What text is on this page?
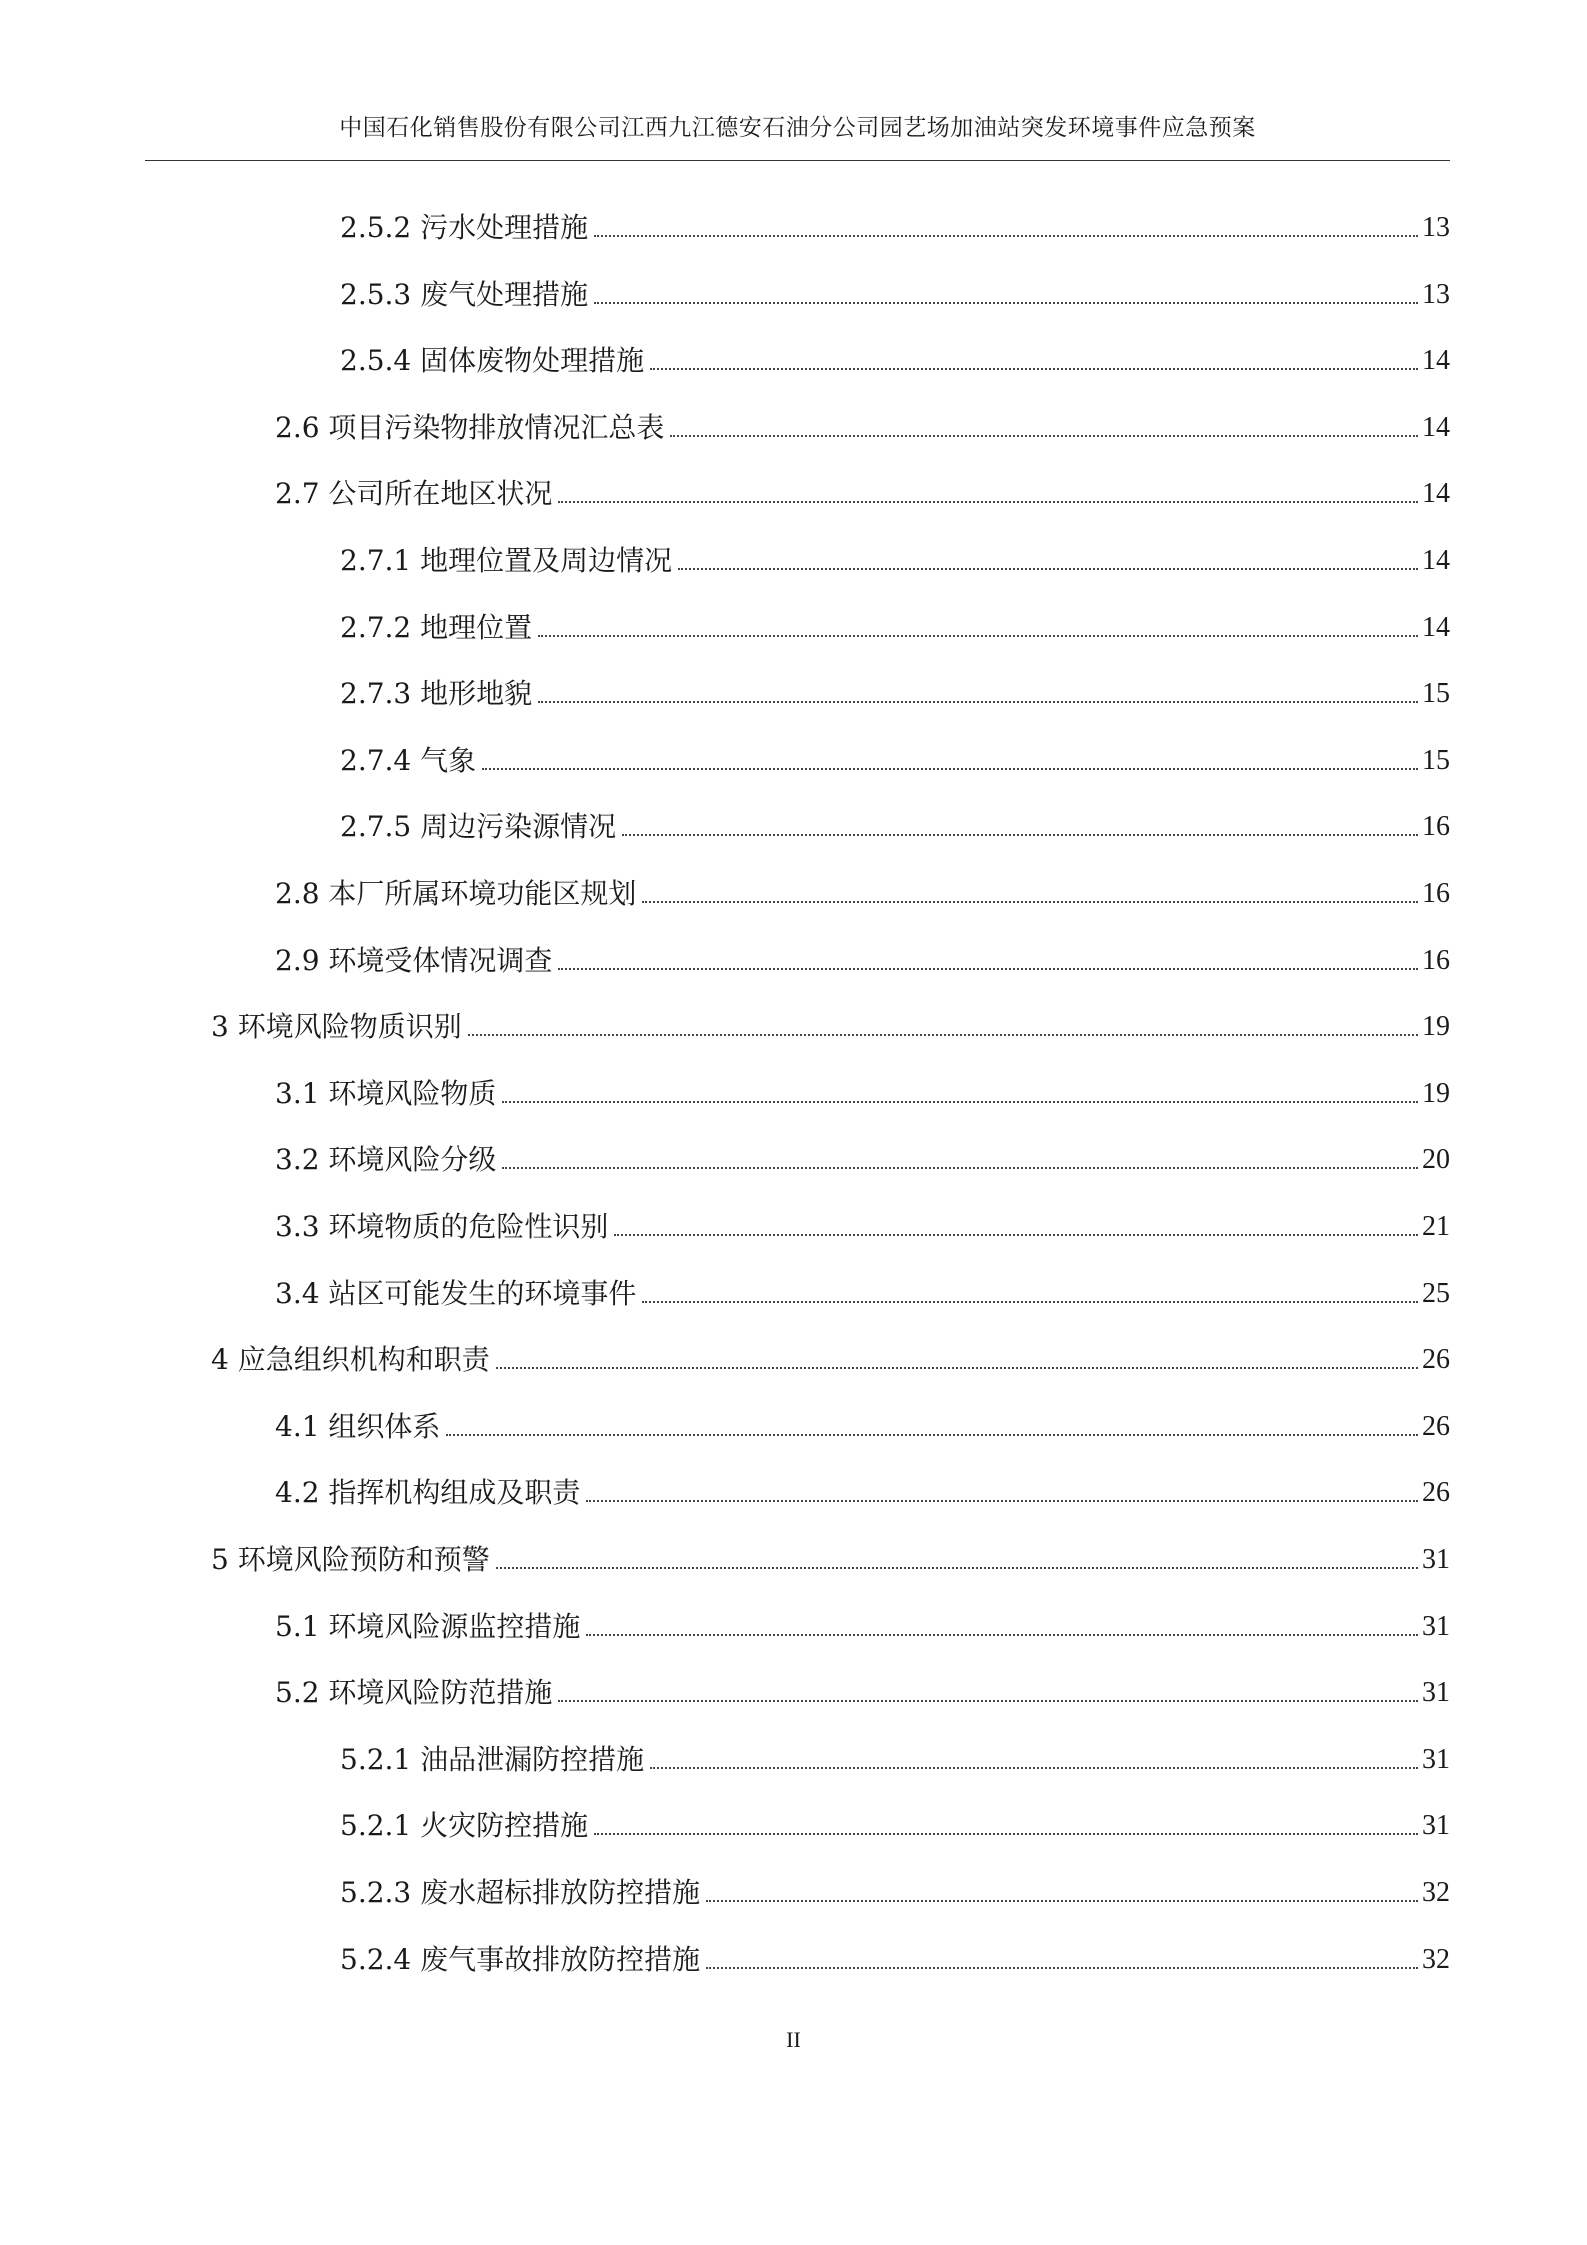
中国石化销售股份有限公司江西九江德安石油分公司园艺场加油站突发环境事件应急预案
2.5.2 污水处理措施	13
2.5.3 废气处理措施	13
2.5.4 固体废物处理措施	14
2.6 项目污染物排放情况汇总表	14
2.7 公司所在地区状况	14
2.7.1 地理位置及周边情况	14
2.7.2 地理位置	14
2.7.3 地形地貌	15
2.7.4 气象	15
2.7.5 周边污染源情况	16
2.8 本厂所属环境功能区规划	16
2.9 环境受体情况调查	16
3 环境风险物质识别	19
3.1 环境风险物质	19
3.2 环境风险分级	20
3.3 环境物质的危险性识别	21
3.4 站区可能发生的环境事件	25
4 应急组织机构和职责	26
4.1 组织体系	26
4.2 指挥机构组成及职责	26
5 环境风险预防和预警	31
5.1 环境风险源监控措施	31
5.2 环境风险防范措施	31
5.2.1 油品泄漏防控措施	31
5.2.1 火灾防控措施	31
5.2.3 废水超标排放防控措施	32
5.2.4 废气事故排放防控措施	32
II
